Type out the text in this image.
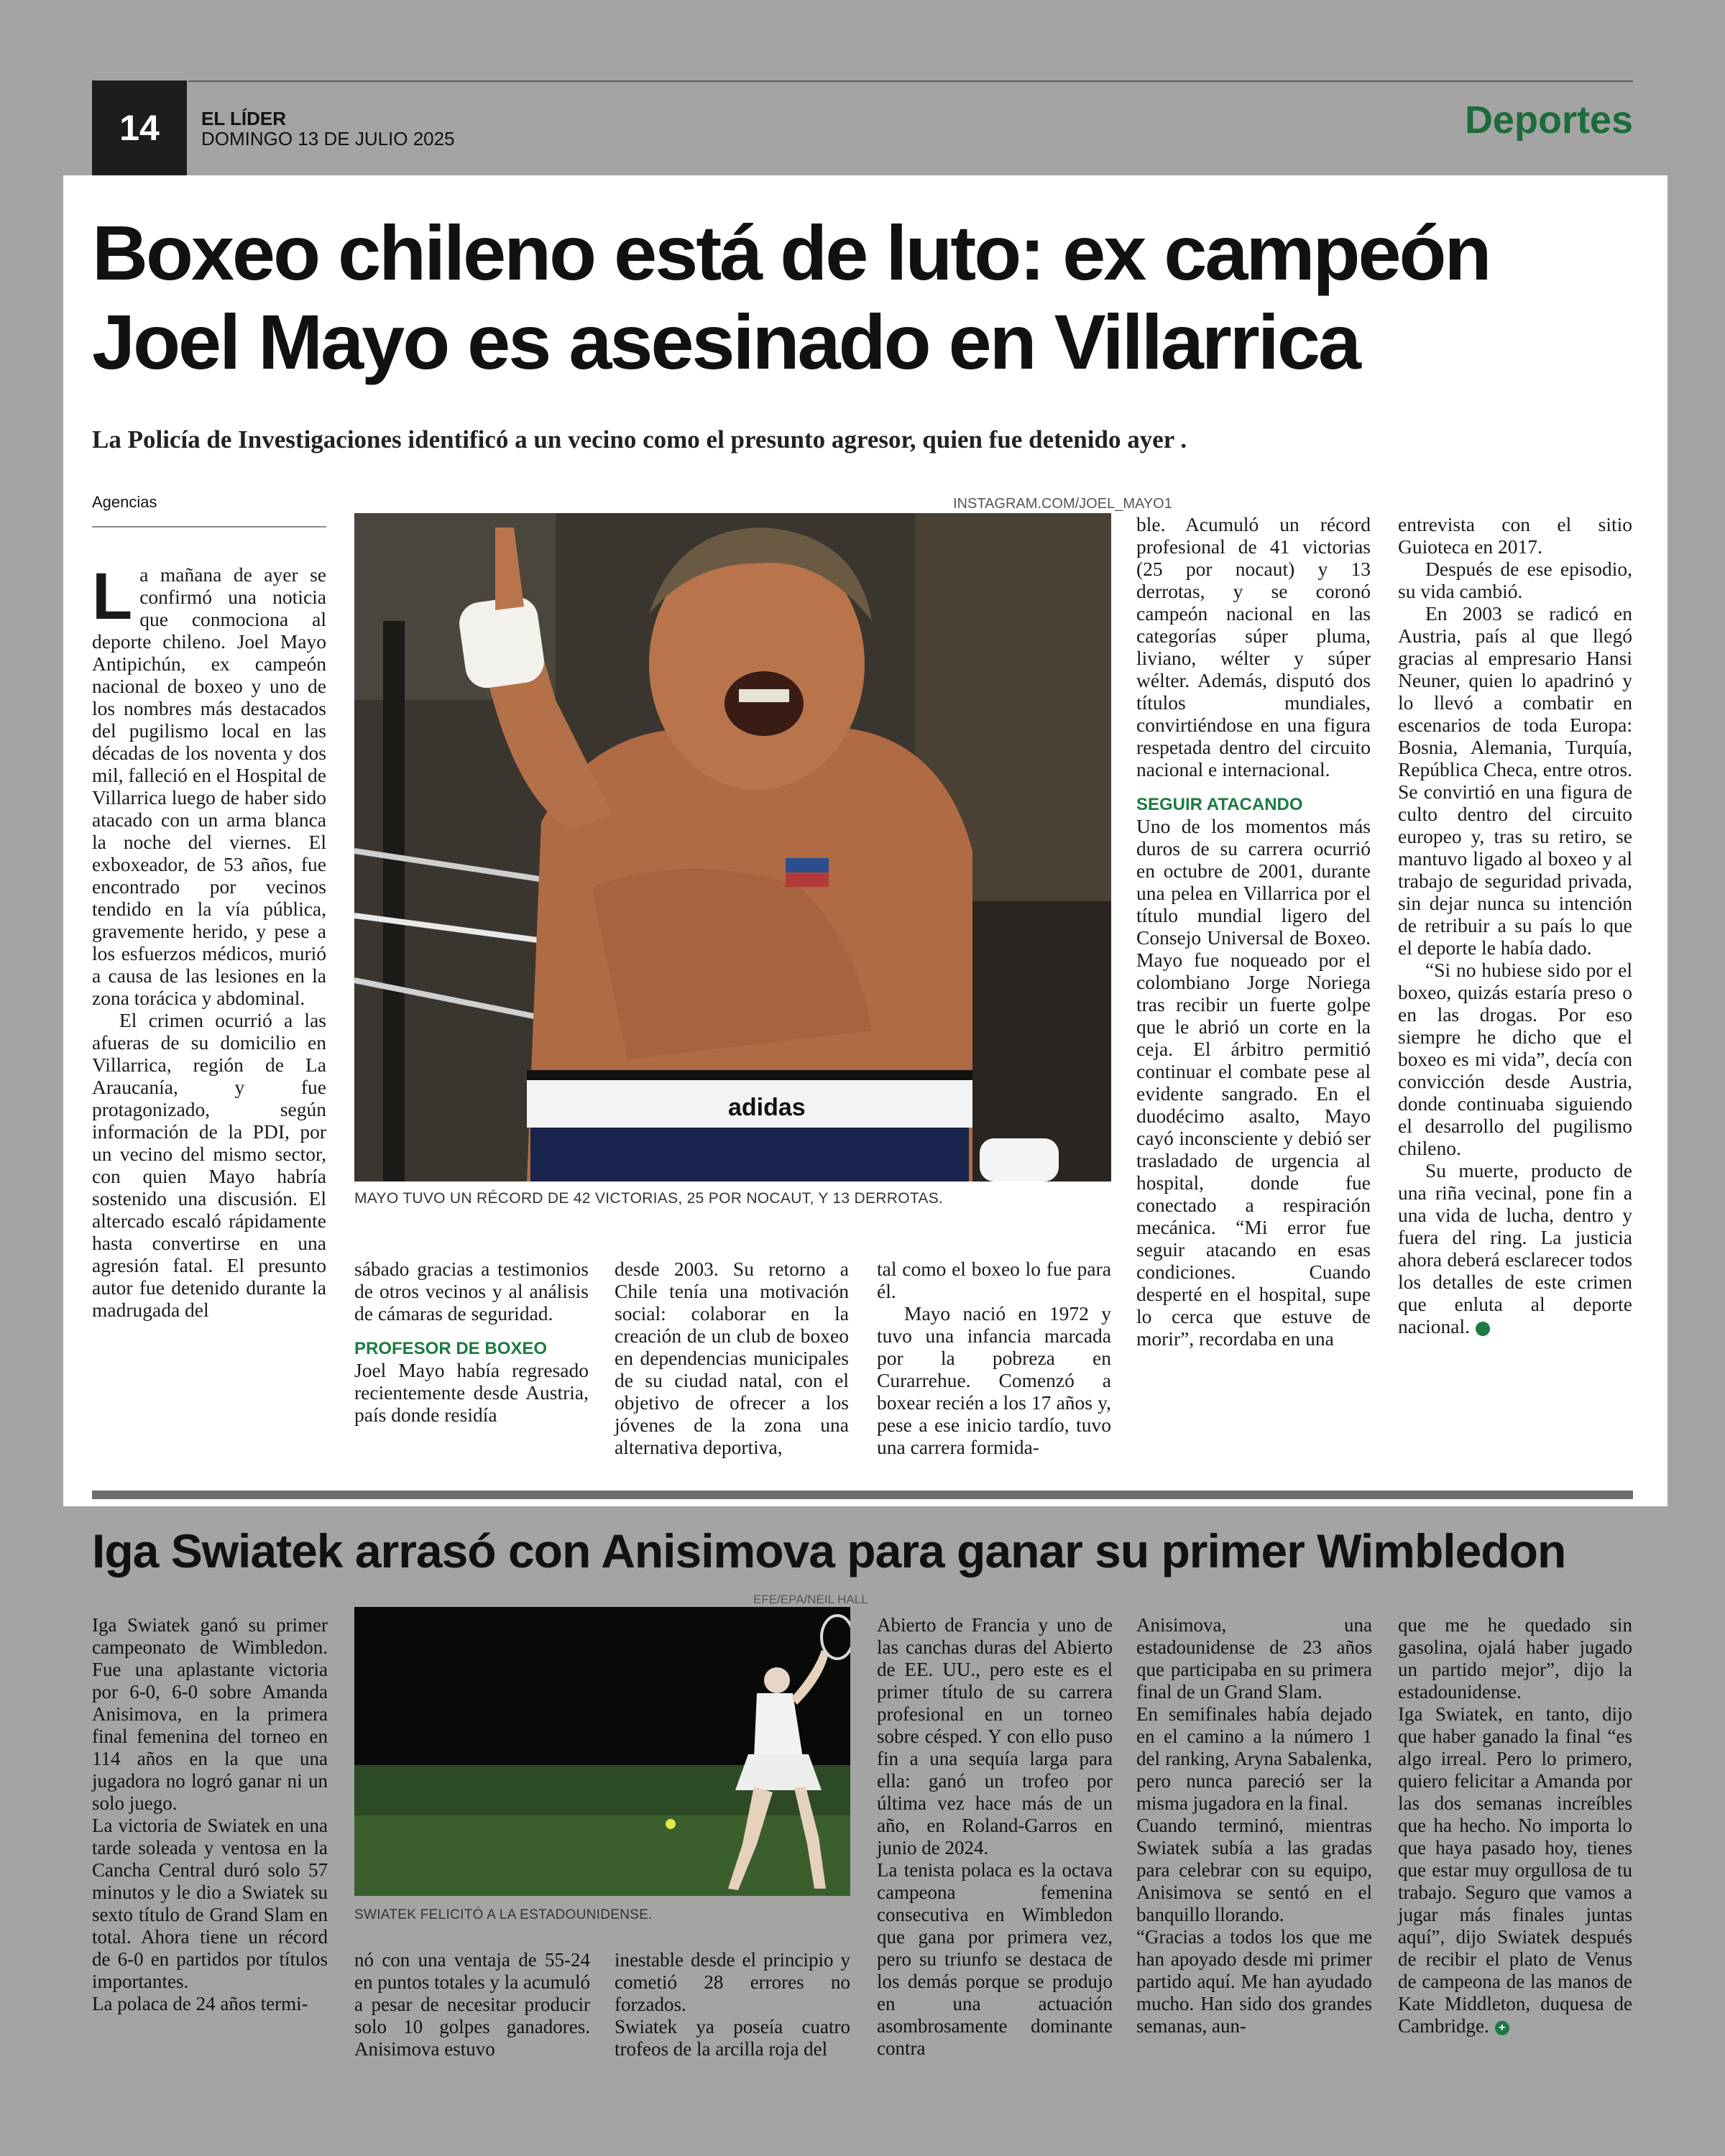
14	EL LÍDER
DOMINGO 13 DE JULIO 2025	Deportes
Boxeo chileno está de luto: ex campeón Joel Mayo es asesinado en Villarrica
La Policía de Investigaciones identificó a un vecino como el presunto agresor, quien fue detenido ayer .
Agencias

La mañana de ayer se confirmó una noticia que conmociona al deporte chileno. Joel Mayo Antipichún, ex campeón nacional de boxeo y uno de los nombres más destacados del pugilismo local en las décadas de los noventa y dos mil, falleció en el Hospital de Villarrica luego de haber sido atacado con un arma blanca la noche del viernes. El exboxeador, de 53 años, fue encontrado por vecinos tendido en la vía pública, gravemente herido, y pese a los esfuerzos médicos, murió a causa de las lesiones en la zona torácica y abdominal.

El crimen ocurrió a las afueras de su domicilio en Villarrica, región de La Araucanía, y fue protagonizado, según información de la PDI, por un vecino del mismo sector, con quien Mayo habría sostenido una discusión. El altercado escaló rápidamente hasta convertirse en una agresión fatal. El presunto autor fue detenido durante la madrugada del

INSTAGRAM.COM/JOEL_MAYO1
adidas
MAYO TUVO UN RÉCORD DE 42 VICTORIAS, 25 POR NOCAUT, Y 13 DERROTAS.

sábado gracias a testimonios de otros vecinos y al análisis de cámaras de seguridad.

PROFESOR DE BOXEO

Joel Mayo había regresado recientemente desde Austria, país donde residía

desde 2003. Su retorno a Chile tenía una motivación social: colaborar en la creación de un club de boxeo en dependencias municipales de su ciudad natal, con el objetivo de ofrecer a los jóvenes de la zona una alternativa deportiva,

tal como el boxeo lo fue para él.

Mayo nació en 1972 y tuvo una infancia marcada por la pobreza en Curarrehue. Comenzó a boxear recién a los 17 años y, pese a ese inicio tardío, tuvo una carrera formida-

ble. Acumuló un récord profesional de 41 victorias (25 por nocaut) y 13 derrotas, y se coronó campeón nacional en las categorías súper pluma, liviano, wélter y súper wélter. Además, disputó dos títulos mundiales, convirtiéndose en una figura respetada dentro del circuito nacional e internacional.

SEGUIR ATACANDO

Uno de los momentos más duros de su carrera ocurrió en octubre de 2001, durante una pelea en Villarrica por el título mundial ligero del Consejo Universal de Boxeo. Mayo fue noqueado por el colombiano Jorge Noriega tras recibir un fuerte golpe que le abrió un corte en la ceja. El árbitro permitió continuar el combate pese al evidente sangrado. En el duodécimo asalto, Mayo cayó inconsciente y debió ser trasladado de urgencia al hospital, donde fue conectado a respiración mecánica. “Mi error fue seguir atacando en esas condiciones. Cuando desperté en el hospital, supe lo cerca que estuve de morir”, recordaba en una

entrevista con el sitio Guioteca en 2017.

Después de ese episodio, su vida cambió.

En 2003 se radicó en Austria, país al que llegó gracias al empresario Hansi Neuner, quien lo apadrinó y lo llevó a combatir en escenarios de toda Europa: Bosnia, Alemania, Turquía, República Checa, entre otros. Se convirtió en una figura de culto dentro del circuito europeo y, tras su retiro, se mantuvo ligado al boxeo y al trabajo de seguridad privada, sin dejar nunca su intención de retribuir a su país lo que el deporte le había dado.

“Si no hubiese sido por el boxeo, quizás estaría preso o en las drogas. Por eso siempre he dicho que el boxeo es mi vida”, decía con convicción desde Austria, donde continuaba siguiendo el desarrollo del pugilismo chileno.

Su muerte, producto de una riña vecinal, pone fin a una vida de lucha, dentro y fuera del ring. La justicia ahora deberá esclarecer todos los detalles de este crimen que enluta al deporte nacional.	+

Iga Swiatek arrasó con Anisimova para ganar su primer Wimbledon

Iga Swiatek ganó su primer campeonato de Wimbledon. Fue una aplastante victoria por 6-0, 6-0 sobre Amanda Anisimova, en la primera final femenina del torneo en 114 años en la que una jugadora no logró ganar ni un solo juego.

La victoria de Swiatek en una tarde soleada y ventosa en la Cancha Central duró solo 57 minutos y le dio a Swiatek su sexto título de Grand Slam en total. Ahora tiene un récord de 6-0 en partidos por títulos importantes.

La polaca de 24 años termi-

EFE/EPA/NEIL HALL
SWIATEK FELICITÓ A LA ESTADOUNIDENSE.

nó con una ventaja de 55-24 en puntos totales y la acumuló a pesar de necesitar producir solo 10 golpes ganadores. Anisimova estuvo

inestable desde el principio y cometió 28 errores no forzados.

Swiatek ya poseía cuatro trofeos de la arcilla roja del

Abierto de Francia y uno de las canchas duras del Abierto de EE. UU., pero este es el primer título de su carrera profesional en un torneo sobre césped. Y con ello puso fin a una sequía larga para ella: ganó un trofeo por última vez hace más de un año, en Roland-Garros en junio de 2024.

La tenista polaca es la octava campeona femenina consecutiva en Wimbledon que gana por primera vez, pero su triunfo se destaca de los demás porque se produjo en una actuación asombrosamente dominante contra

Anisimova, una estadounidense de 23 años que participaba en su primera final de un Grand Slam.

En semifinales había dejado en el camino a la número 1 del ranking, Aryna Sabalenka, pero nunca pareció ser la misma jugadora en la final.

Cuando terminó, mientras Swiatek subía a las gradas para celebrar con su equipo, Anisimova se sentó en el banquillo llorando.

“Gracias a todos los que me han apoyado desde mi primer partido aquí. Me han ayudado mucho. Han sido dos grandes semanas, aun-

que me he quedado sin gasolina, ojalá haber jugado un partido mejor”, dijo la estadounidense.

Iga Swiatek, en tanto, dijo que haber ganado la final “es algo irreal. Pero lo primero, quiero felicitar a Amanda por las dos semanas increíbles que ha hecho. No importa lo que haya pasado hoy, tienes que estar muy orgullosa de tu trabajo. Seguro que vamos a jugar más finales juntas aquí”, dijo Swiatek después de recibir el plato de Venus de campeona de las manos de Kate Middleton, duquesa de Cambridge. +
